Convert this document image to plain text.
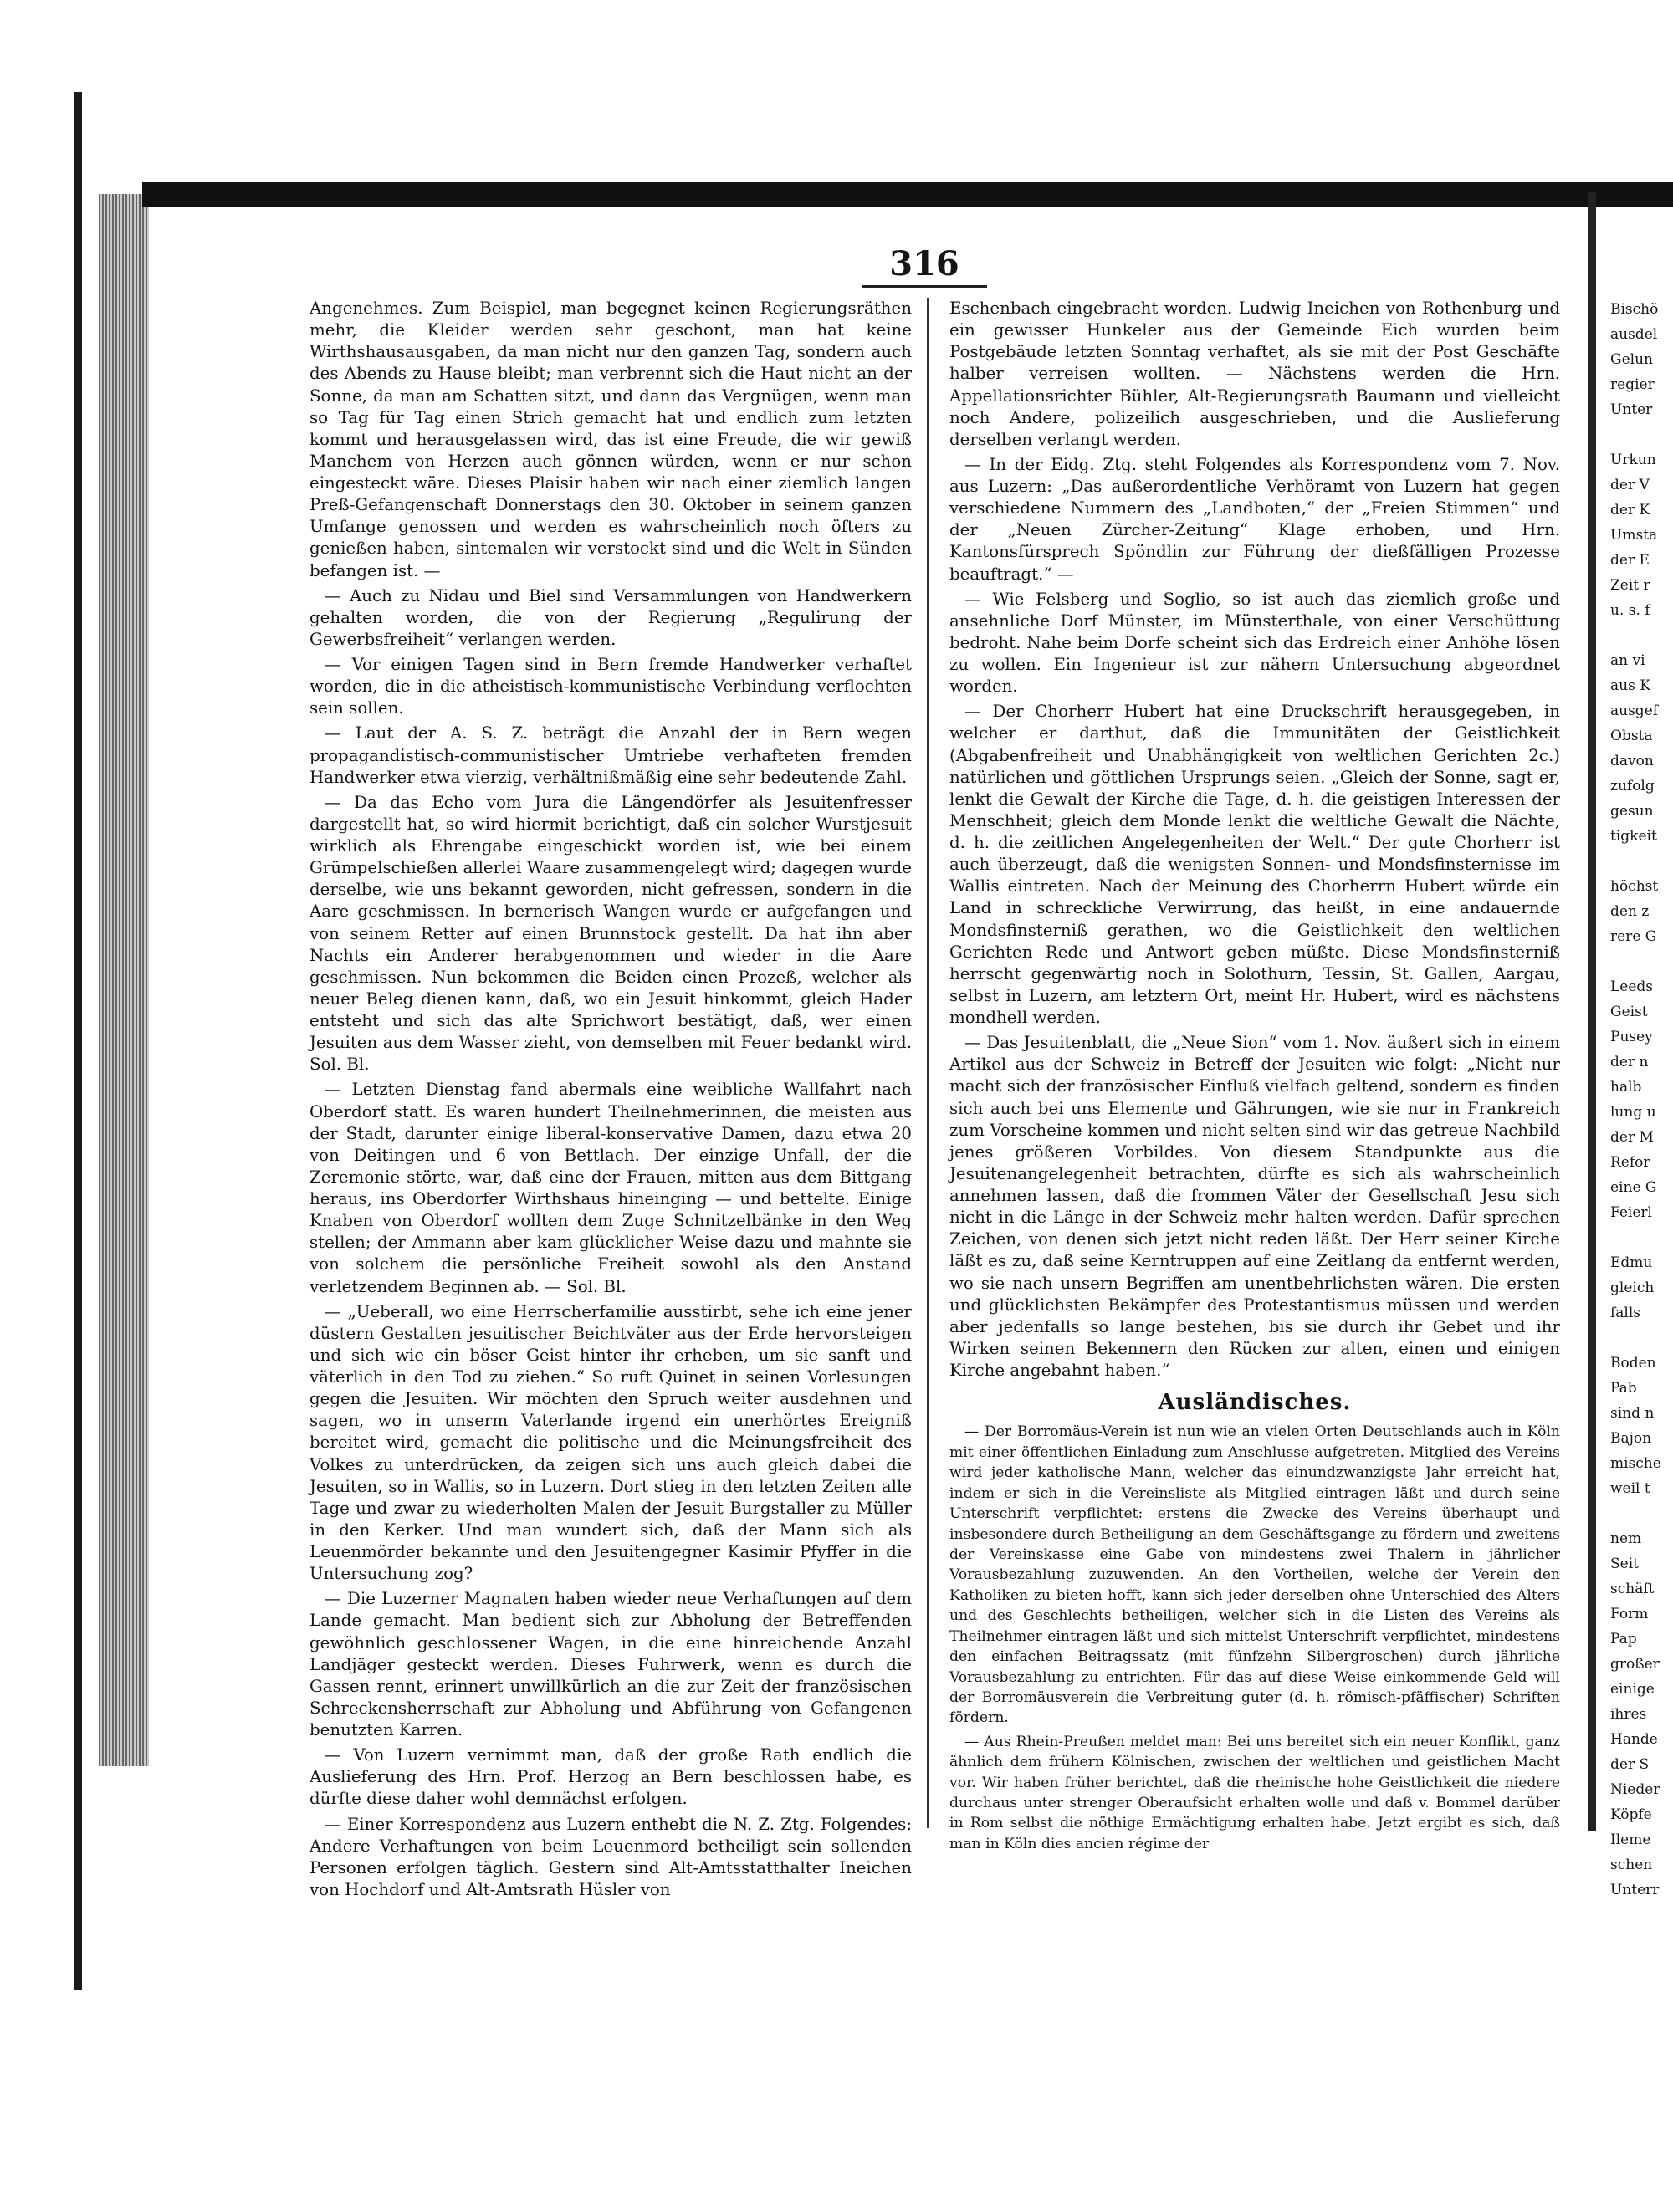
316

Angenehmes. Zum Beispiel, man begegnet keinen Regierungsräthen mehr, die Kleider werden sehr geschont, man hat keine Wirthshausausgaben, da man nicht nur den ganzen Tag, sondern auch des Abends zu Hause bleibt; man verbrennt sich die Haut nicht an der Sonne, da man am Schatten sitzt, und dann das Vergnügen, wenn man so Tag für Tag einen Strich gemacht hat und endlich zum letzten kommt und herausgelassen wird, das ist eine Freude, die wir gewiß Manchem von Herzen auch gönnen würden, wenn er nur schon eingesteckt wäre. Dieses Plaisir haben wir nach einer ziemlich langen Preß-Gefangenschaft Donnerstags den 30. Oktober in seinem ganzen Umfange genossen und werden es wahrscheinlich noch öfters zu genießen haben, sintemalen wir verstockt sind und die Welt in Sünden befangen ist. —

— Auch zu Nidau und Biel sind Versammlungen von Handwerkern gehalten worden, die von der Regierung „Regulirung der Gewerbsfreiheit“ verlangen werden.

— Vor einigen Tagen sind in Bern fremde Handwerker verhaftet worden, die in die atheistisch-kommunistische Verbindung verflochten sein sollen.

— Laut der A. S. Z. beträgt die Anzahl der in Bern wegen propagandistisch-communistischer Umtriebe verhafteten fremden Handwerker etwa vierzig, verhältnißmäßig eine sehr bedeutende Zahl.

— Da das Echo vom Jura die Längendörfer als Jesuitenfresser dargestellt hat, so wird hiermit berichtigt, daß ein solcher Wurstjesuit wirklich als Ehrengabe eingeschickt worden ist, wie bei einem Grümpelschießen allerlei Waare zusammengelegt wird; dagegen wurde derselbe, wie uns bekannt geworden, nicht gefressen, sondern in die Aare geschmissen. In bernerisch Wangen wurde er aufgefangen und von seinem Retter auf einen Brunnstock gestellt. Da hat ihn aber Nachts ein Anderer herabgenommen und wieder in die Aare geschmissen. Nun bekommen die Beiden einen Prozeß, welcher als neuer Beleg dienen kann, daß, wo ein Jesuit hinkommt, gleich Hader entsteht und sich das alte Sprichwort bestätigt, daß, wer einen Jesuiten aus dem Wasser zieht, von demselben mit Feuer bedankt wird. Sol. Bl.

— Letzten Dienstag fand abermals eine weibliche Wallfahrt nach Oberdorf statt. Es waren hundert Theilnehmerinnen, die meisten aus der Stadt, darunter einige liberal-konservative Damen, dazu etwa 20 von Deitingen und 6 von Bettlach. Der einzige Unfall, der die Zeremonie störte, war, daß eine der Frauen, mitten aus dem Bittgang heraus, ins Oberdorfer Wirthshaus hineinging — und bettelte. Einige Knaben von Oberdorf wollten dem Zuge Schnitzelbänke in den Weg stellen; der Ammann aber kam glücklicher Weise dazu und mahnte sie von solchem die persönliche Freiheit sowohl als den Anstand verletzendem Beginnen ab. — Sol. Bl.

— „Ueberall, wo eine Herrscherfamilie ausstirbt, sehe ich eine jener düstern Gestalten jesuitischer Beichtväter aus der Erde hervorsteigen und sich wie ein böser Geist hinter ihr erheben, um sie sanft und väterlich in den Tod zu ziehen.“ So ruft Quinet in seinen Vorlesungen gegen die Jesuiten. Wir möchten den Spruch weiter ausdehnen und sagen, wo in unserm Vaterlande irgend ein unerhörtes Ereigniß bereitet wird, gemacht die politische und die Meinungsfreiheit des Volkes zu unterdrücken, da zeigen sich uns auch gleich dabei die Jesuiten, so in Wallis, so in Luzern. Dort stieg in den letzten Zeiten alle Tage und zwar zu wiederholten Malen der Jesuit Burgstaller zu Müller in den Kerker. Und man wundert sich, daß der Mann sich als Leuenmörder bekannte und den Jesuitengegner Kasimir Pfyffer in die Untersuchung zog?

— Die Luzerner Magnaten haben wieder neue Verhaftungen auf dem Lande gemacht. Man bedient sich zur Abholung der Betreffenden gewöhnlich geschlossener Wagen, in die eine hinreichende Anzahl Landjäger gesteckt werden. Dieses Fuhrwerk, wenn es durch die Gassen rennt, erinnert unwillkürlich an die zur Zeit der französischen Schreckensherrschaft zur Abholung und Abführung von Gefangenen benutzten Karren.

— Von Luzern vernimmt man, daß der große Rath endlich die Auslieferung des Hrn. Prof. Herzog an Bern beschlossen habe, es dürfte diese daher wohl demnächst erfolgen.

— Einer Korrespondenz aus Luzern enthebt die N. Z. Ztg. Folgendes: Andere Verhaftungen von beim Leuenmord betheiligt sein sollenden Personen erfolgen täglich. Gestern sind Alt-Amtsstatthalter Ineichen von Hochdorf und Alt-Amtsrath Hüsler von

Eschenbach eingebracht worden. Ludwig Ineichen von Rothenburg und ein gewisser Hunkeler aus der Gemeinde Eich wurden beim Postgebäude letzten Sonntag verhaftet, als sie mit der Post Geschäfte halber verreisen wollten. — Nächstens werden die Hrn. Appellationsrichter Bühler, Alt-Regierungsrath Baumann und vielleicht noch Andere, polizeilich ausgeschrieben, und die Auslieferung derselben verlangt werden.

— In der Eidg. Ztg. steht Folgendes als Korrespondenz vom 7. Nov. aus Luzern: „Das außerordentliche Verhöramt von Luzern hat gegen verschiedene Nummern des „Landboten,“ der „Freien Stimmen“ und der „Neuen Zürcher-Zeitung“ Klage erhoben, und Hrn. Kantonsfürsprech Spöndlin zur Führung der dießfälligen Prozesse beauftragt.“ —

— Wie Felsberg und Soglio, so ist auch das ziemlich große und ansehnliche Dorf Münster, im Münsterthale, von einer Verschüttung bedroht. Nahe beim Dorfe scheint sich das Erdreich einer Anhöhe lösen zu wollen. Ein Ingenieur ist zur nähern Untersuchung abgeordnet worden.

— Der Chorherr Hubert hat eine Druckschrift herausgegeben, in welcher er darthut, daß die Immunitäten der Geistlichkeit (Abgabenfreiheit und Unabhängigkeit von weltlichen Gerichten 2c.) natürlichen und göttlichen Ursprungs seien. „Gleich der Sonne, sagt er, lenkt die Gewalt der Kirche die Tage, d. h. die geistigen Interessen der Menschheit; gleich dem Monde lenkt die weltliche Gewalt die Nächte, d. h. die zeitlichen Angelegenheiten der Welt.“ Der gute Chorherr ist auch überzeugt, daß die wenigsten Sonnen- und Mondsfinsternisse im Wallis eintreten. Nach der Meinung des Chorherrn Hubert würde ein Land in schreckliche Verwirrung, das heißt, in eine andauernde Mondsfinsterniß gerathen, wo die Geistlichkeit den weltlichen Gerichten Rede und Antwort geben müßte. Diese Mondsfinsterniß herrscht gegenwärtig noch in Solothurn, Tessin, St. Gallen, Aargau, selbst in Luzern, am letztern Ort, meint Hr. Hubert, wird es nächstens mondhell werden.

— Das Jesuitenblatt, die „Neue Sion“ vom 1. Nov. äußert sich in einem Artikel aus der Schweiz in Betreff der Jesuiten wie folgt: „Nicht nur macht sich der französischer Einfluß vielfach geltend, sondern es finden sich auch bei uns Elemente und Gährungen, wie sie nur in Frankreich zum Vorscheine kommen und nicht selten sind wir das getreue Nachbild jenes größeren Vorbildes. Von diesem Standpunkte aus die Jesuitenangelegenheit betrachten, dürfte es sich als wahrscheinlich annehmen lassen, daß die frommen Väter der Gesellschaft Jesu sich nicht in die Länge in der Schweiz mehr halten werden. Dafür sprechen Zeichen, von denen sich jetzt nicht reden läßt. Der Herr seiner Kirche läßt es zu, daß seine Kerntruppen auf eine Zeitlang da entfernt werden, wo sie nach unsern Begriffen am unentbehrlichsten wären. Die ersten und glücklichsten Bekämpfer des Protestantismus müssen und werden aber jedenfalls so lange bestehen, bis sie durch ihr Gebet und ihr Wirken seinen Bekennern den Rücken zur alten, einen und einigen Kirche angebahnt haben.“

Ausländisches.

— Der Borromäus-Verein ist nun wie an vielen Orten Deutschlands auch in Köln mit einer öffentlichen Einladung zum Anschlusse aufgetreten. Mitglied des Vereins wird jeder katholische Mann, welcher das einundzwanzigste Jahr erreicht hat, indem er sich in die Vereinsliste als Mitglied eintragen läßt und durch seine Unterschrift verpflichtet: erstens die Zwecke des Vereins überhaupt und insbesondere durch Betheiligung an dem Geschäftsgange zu fördern und zweitens der Vereinskasse eine Gabe von mindestens zwei Thalern in jährlicher Vorausbezahlung zuzuwenden. An den Vortheilen, welche der Verein den Katholiken zu bieten hofft, kann sich jeder derselben ohne Unterschied des Alters und des Geschlechts betheiligen, welcher sich in die Listen des Vereins als Theilnehmer eintragen läßt und sich mittelst Unterschrift verpflichtet, mindestens den einfachen Beitragssatz (mit fünfzehn Silbergroschen) durch jährliche Vorausbezahlung zu entrichten. Für das auf diese Weise einkommende Geld will der Borromäusverein die Verbreitung guter (d. h. römisch-pfäffischer) Schriften fördern.

— Aus Rhein-Preußen meldet man: Bei uns bereitet sich ein neuer Konflikt, ganz ähnlich dem frühern Kölnischen, zwischen der weltlichen und geistlichen Macht vor. Wir haben früher berichtet, daß die rheinische hohe Geistlichkeit die niedere durchaus unter strenger Oberaufsicht erhalten wolle und daß v. Bommel darüber in Rom selbst die nöthige Ermächtigung erhalten habe. Jetzt ergibt es sich, daß man in Köln dies ancien régime der

Bischö
ausdel
Gelun
regier
Unter
Urkun
der V
der K
Umsta
der E
Zeit r
u. s. f
an vi
aus K
ausgef
Obsta
davon
zufolg
gesun
tigkeit
höchst
den z
rere G
Leeds
Geist
Pusey
der n
halb
lung u
der M
Refor
eine G
Feierl
Edmu
gleich
falls
Boden
Pab
sind n
Bajon
mische
weil t
nem
Seit
schäft
Form
Pap
großer
einige
ihres
Hande
der S
Nieder
Köpfe
Ileme
schen
Unterr
